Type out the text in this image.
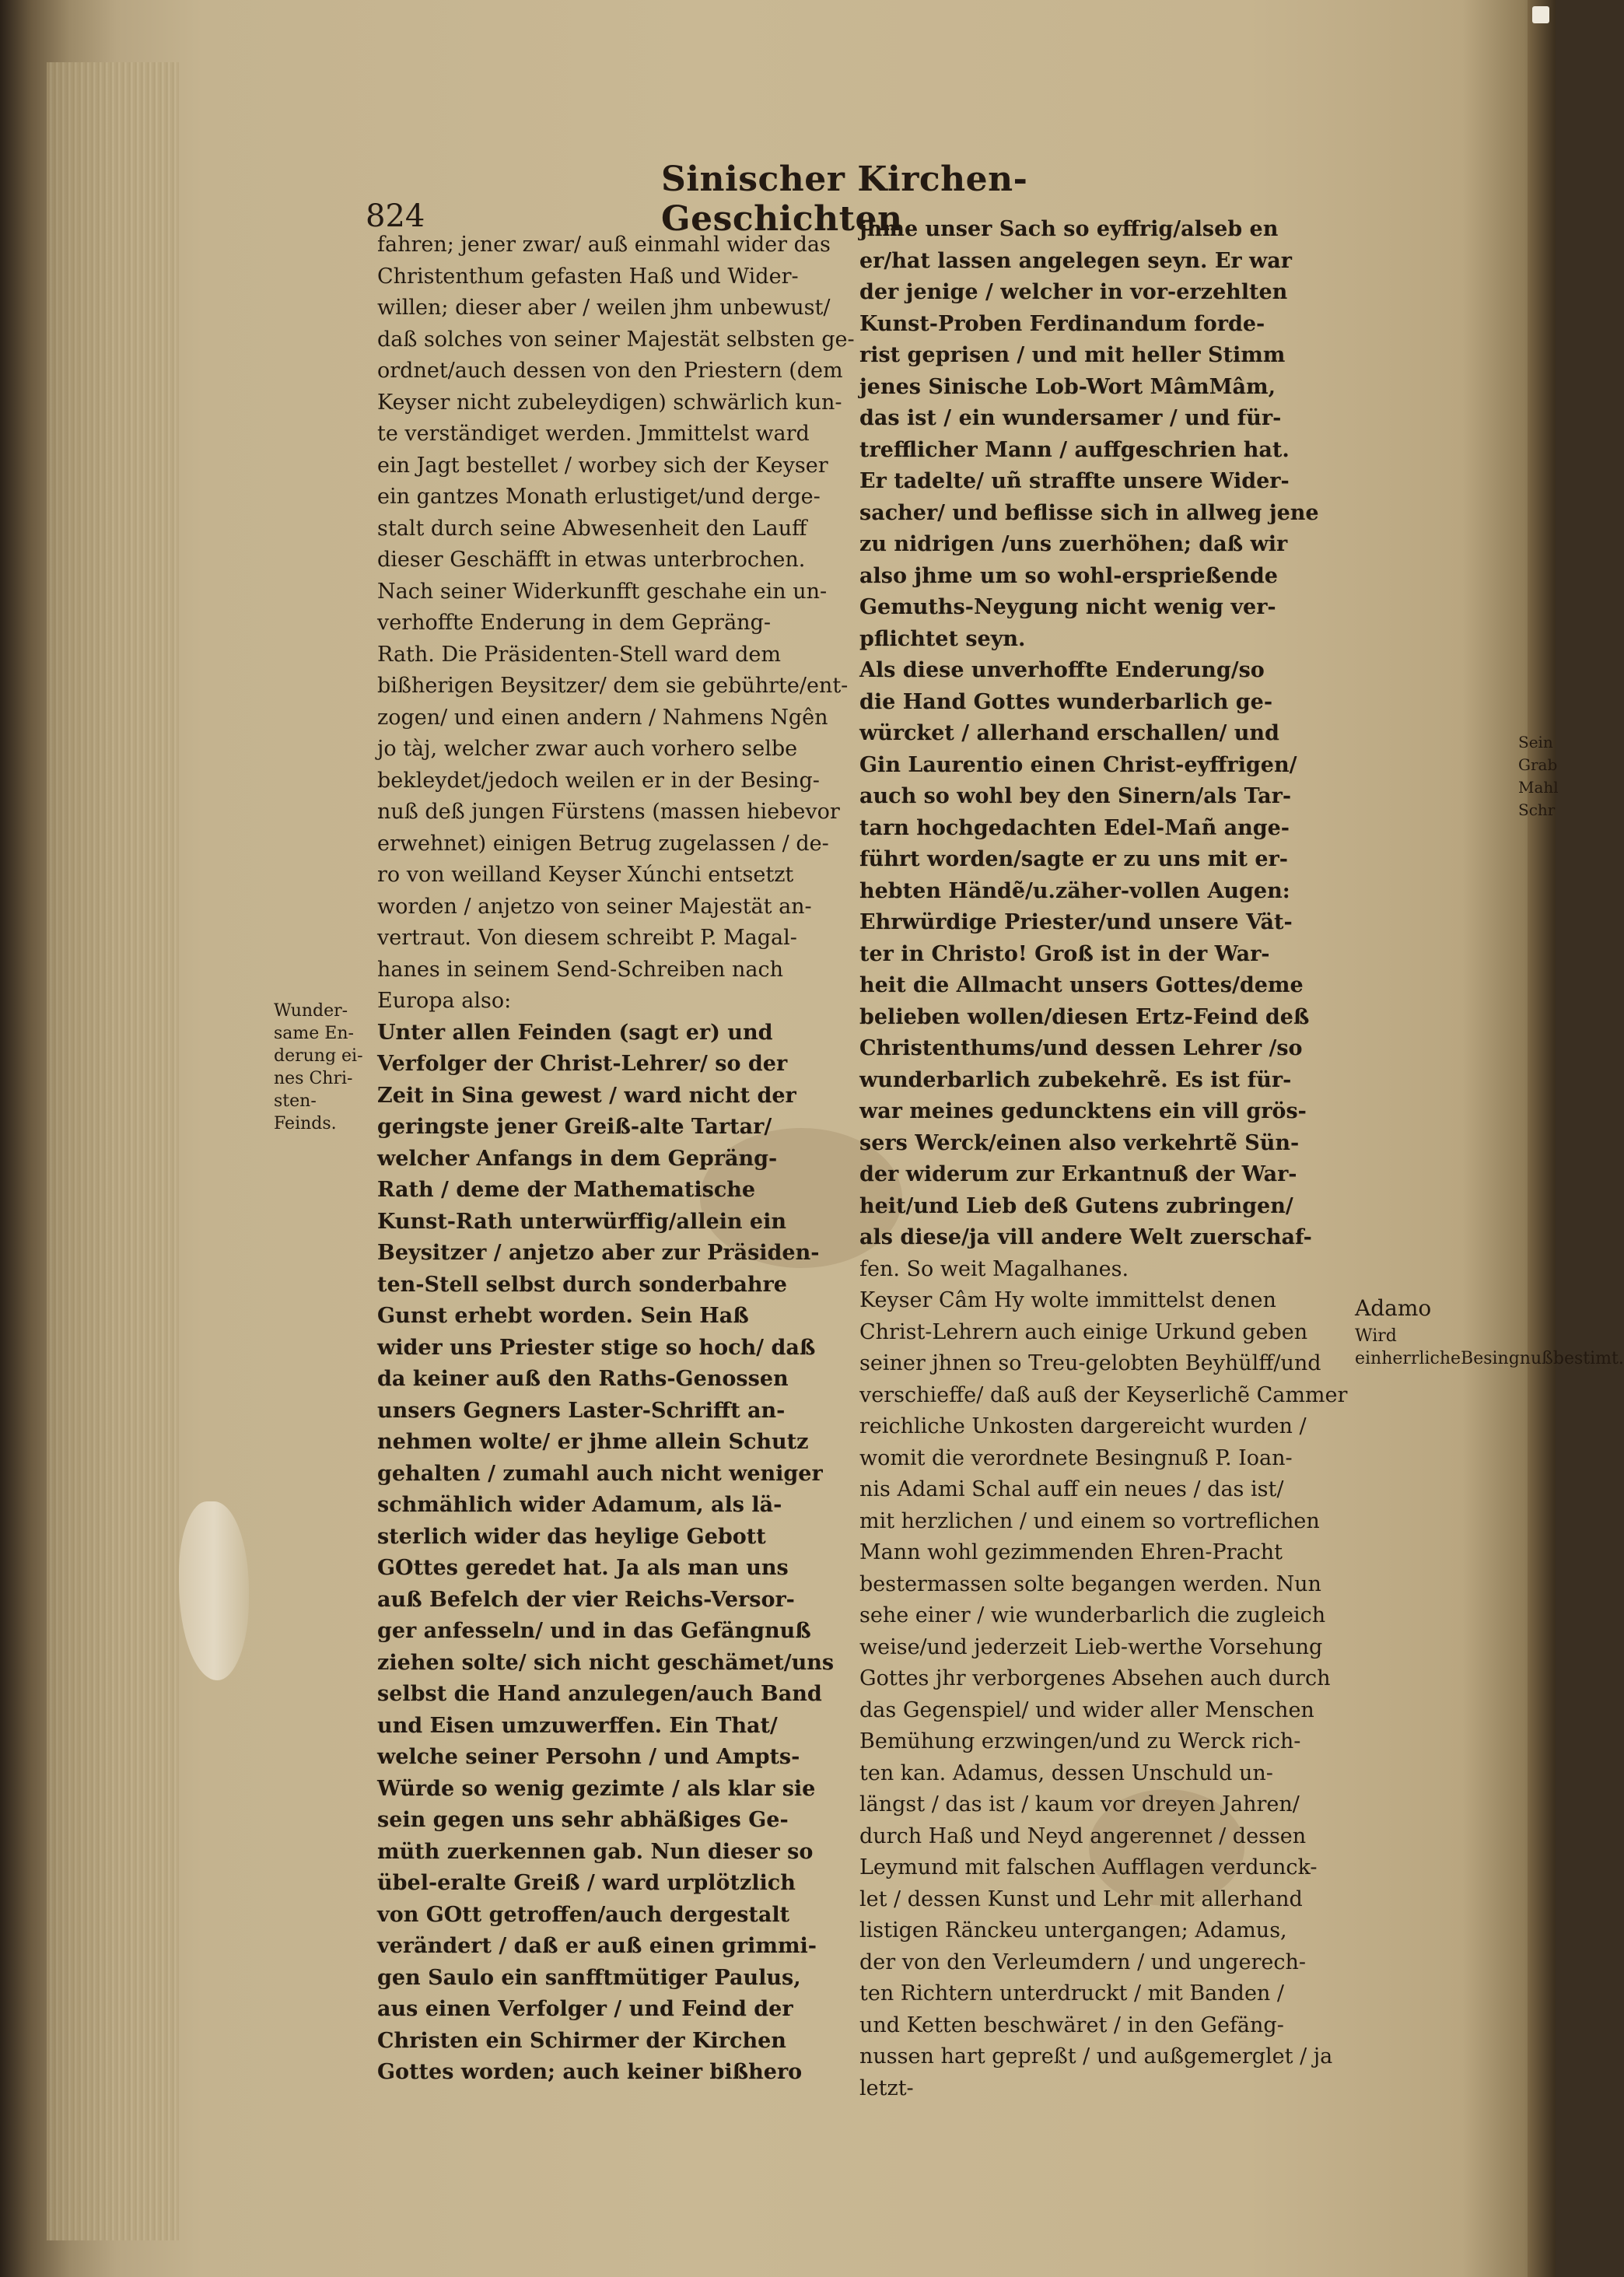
824
Sinischer Kirchen-Geschichten
fahren; jener zwar/ auß einmahl wider das
Christenthum gefasten Haß und Wider-
willen; dieser aber / weilen jhm unbewust/
daß solches von seiner Majestät selbsten ge-
ordnet/auch dessen von den Priestern (dem
Keyser nicht zubeleydigen) schwärlich kun-
te verständiget werden. Jmmittelst ward
ein Jagt bestellet / worbey sich der Keyser
ein gantzes Monath erlustiget/und derge-
stalt durch seine Abwesenheit den Lauff
dieser Geschäfft in etwas unterbrochen.
Nach seiner Widerkunfft geschahe ein un-
verhoffte Enderung in dem Gepräng-
Rath. Die Präsidenten-Stell ward dem
bißherigen Beysitzer/ dem sie gebührte/ent-
zogen/ und einen andern / Nahmens Ngên
jo tàj, welcher zwar auch vorhero selbe
bekleydet/jedoch weilen er in der Besing-
nuß deß jungen Fürstens (massen hiebevor
erwehnet) einigen Betrug zugelassen / de-
ro von weilland Keyser Xúnchi entsetzt
worden / anjetzo von seiner Majestät an-
vertraut. Von diesem schreibt P. Magal-
hanes in seinem Send-Schreiben nach
Europa also:
Unter allen Feinden (sagt er) und
Verfolger der Christ-Lehrer/ so der
Zeit in Sina gewest / ward nicht der
geringste jener Greiß-alte Tartar/
welcher Anfangs in dem Gepräng-
Rath / deme der Mathematische
Kunst-Rath unterwürffig/allein ein
Beysitzer / anjetzo aber zur Präsiden-
ten-Stell selbst durch sonderbahre
Gunst erhebt worden. Sein Haß
wider uns Priester stige so hoch/ daß
da keiner auß den Raths-Genossen
unsers Gegners Laster-Schrifft an-
nehmen wolte/ er jhme allein Schutz
gehalten / zumahl auch nicht weniger
schmählich wider Adamum, als lä-
sterlich wider das heylige Gebott
GOttes geredet hat. Ja als man uns
auß Befelch der vier Reichs-Versor-
ger anfesseln/ und in das Gefängnuß
ziehen solte/ sich nicht geschämet/uns
selbst die Hand anzulegen/auch Band
und Eisen umzuwerffen. Ein That/
welche seiner Persohn / und Ampts-
Würde so wenig gezimte / als klar sie
sein gegen uns sehr abhäßiges Ge-
müth zuerkennen gab. Nun dieser so
übel-eralte Greiß / ward urplötzlich
von GOtt getroffen/auch dergestalt
verändert / daß er auß einen grimmi-
gen Saulo ein sanfftmütiger Paulus,
aus einen Verfolger / und Feind der
Christen ein Schirmer der Kirchen
Gottes worden; auch keiner bißhero
jhme unser Sach so eyffrig/alseb en
er/hat lassen angelegen seyn. Er war
der jenige / welcher in vor-erzehlten
Kunst-Proben Ferdinandum forde-
rist geprisen / und mit heller Stimm
jenes Sinische Lob-Wort MâmMâm,
das ist / ein wundersamer / und für-
trefflicher Mann / auffgeschrien hat.
Er tadelte/ uñ straffte unsere Wider-
sacher/ und beflisse sich in allweg jene
zu nidrigen /uns zuerhöhen; daß wir
also jhme um so wohl-ersprießende
Gemuths-Neygung nicht wenig ver-
pflichtet seyn.
Als diese unverhoffte Enderung/so
die Hand Gottes wunderbarlich ge-
würcket / allerhand erschallen/ und
Gin Laurentio einen Christ-eyffrigen/
auch so wohl bey den Sinern/als Tar-
tarn hochgedachten Edel-Mañ ange-
führt worden/sagte er zu uns mit er-
hebten Händẽ/u.zäher-vollen Augen:
Ehrwürdige Priester/und unsere Vät-
ter in Christo! Groß ist in der War-
heit die Allmacht unsers Gottes/deme
belieben wollen/diesen Ertz-Feind deß
Christenthums/und dessen Lehrer /so
wunderbarlich zubekehrẽ. Es ist für-
war meines geduncktens ein vill grös-
sers Werck/einen also verkehrtẽ Sün-
der widerum zur Erkantnuß der War-
heit/und Lieb deß Gutens zubringen/
als diese/ja vill andere Welt zuerschaf-
fen. So weit Magalhanes.
Keyser Câm Hy wolte immittelst denen
Christ-Lehrern auch einige Urkund geben
seiner jhnen so Treu-gelobten Beyhülff/und
verschieffe/ daß auß der Keyserlichẽ Cammer
reichliche Unkosten dargereicht wurden /
womit die verordnete Besingnuß P. Ioan-
nis Adami Schal auff ein neues / das ist/
mit herzlichen / und einem so vortreflichen
Mann wohl gezimmenden Ehren-Pracht
bestermassen solte begangen werden. Nun
sehe einer / wie wunderbarlich die zugleich
weise/und jederzeit Lieb-werthe Vorsehung
Gottes jhr verborgenes Absehen auch durch
das Gegenspiel/ und wider aller Menschen
Bemühung erzwingen/und zu Werck rich-
ten kan. Adamus, dessen Unschuld un-
längst / das ist / kaum vor dreyen Jahren/
durch Haß und Neyd angerennet / dessen
Leymund mit falschen Aufflagen verdunck-
let / dessen Kunst und Lehr mit allerhand
listigen Ränckeu untergangen; Adamus,
der von den Verleumdern / und ungerech-
ten Richtern unterdruckt / mit Banden /
und Ketten beschwäret / in den Gefäng-
nussen hart gepreßt / und außgemerglet / ja
letzt-
Wunder-same En-derung ei-nes Chri-sten-Feinds.
Adamo
Wird einherrlicheBesingnußbestimt.
Sein
Grab
Mahl
Schr
